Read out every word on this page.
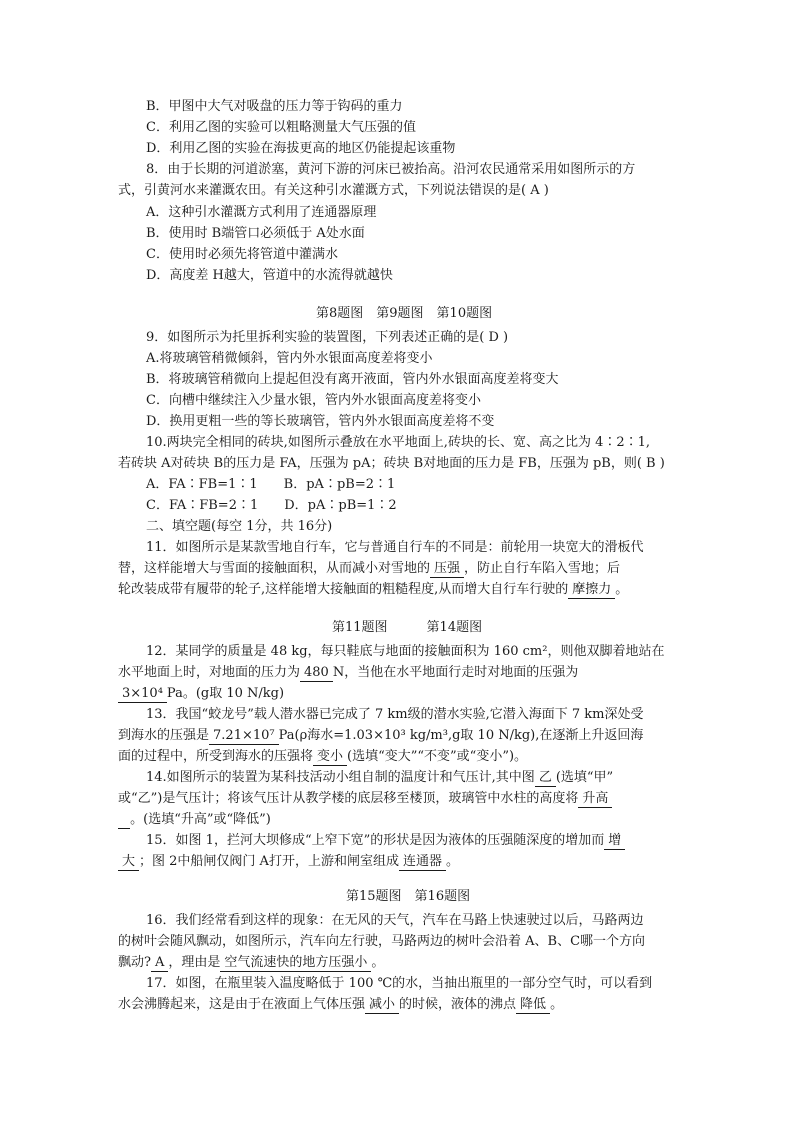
B．甲图中大气对吸盘的压力等于钩码的重力
C．利用乙图的实验可以粗略测量大气压强的值
D．利用乙图的实验在海拔更高的地区仍能提起该重物
8．由于长期的河道淤塞，黄河下游的河床已被抬高。沿河农民通常采用如图所示的方
式，引黄河水来灌溉农田。有关这种引水灌溉方式，下列说法错误的是( A )
A．这种引水灌溉方式利用了连通器原理
B．使用时 B端管口必须低于 A处水面
C．使用时必须先将管道中灌满水
D．高度差 H越大，管道中的水流得就越快
第8题图　第9题图　第10题图
9．如图所示为托里拆利实验的装置图，下列表述正确的是( D )
A.将玻璃管稍微倾斜，管内外水银面高度差将变小
B．将玻璃管稍微向上提起但没有离开液面，管内外水银面高度差将变大
C．向槽中继续注入少量水银，管内外水银面高度差将变小
D．换用更粗一些的等长玻璃管，管内外水银面高度差将不变
10.两块完全相同的砖块,如图所示叠放在水平地面上,砖块的长、宽、高之比为 4∶2∶1,
若砖块 A对砖块 B的压力是 FA，压强为 pA；砖块 B对地面的压力是 FB，压强为 pB，则( B )
A．FA∶FB=1∶1　　B．pA∶pB=2∶1
C．FA∶FB=2∶1　　D．pA∶pB=1∶2
二、填空题(每空 1分，共 16分)
11．如图所示是某款雪地自行车，它与普通自行车的不同是：前轮用一块宽大的滑板代
替，这样能增大与雪面的接触面积，从而减小对雪地的 压强 ，防止自行车陷入雪地；后
轮改装成带有履带的轮子,这样能增大接触面的粗糙程度,从而增大自行车行驶的 摩擦力 。
第11题图　　　第14题图
12．某同学的质量是 48 kg，每只鞋底与地面的接触面积为 160 cm²，则他双脚着地站在
水平地面上时，对地面的压力为 480 N，当他在水平地面行走时对地面的压强为
3×10⁴ Pa。(g取 10 N/kg)
13．我国“蛟龙号”载人潜水器已完成了 7 km级的潜水实验,它潜入海面下 7 km深处受
到海水的压强是 7.21×10⁷ Pa(ρ海水=1.03×10³ kg/m³,g取 10 N/kg),在逐渐上升返回海
面的过程中，所受到海水的压强将 变小 (选填“变大”“不变”或“变小”)。
14.如图所示的装置为某科技活动小组自制的温度计和气压计,其中图 乙 (选填“甲”
或“乙”)是气压计；将该气压计从教学楼的底层移至楼顶，玻璃管中水柱的高度将 升高
。(选填“升高”或“降低”)
15．如图 1，拦河大坝修成“上窄下宽”的形状是因为液体的压强随深度的增加而 增
大 ；图 2中船闸仅阀门 A打开，上游和闸室组成 连通器 。
第15题图　第16题图
16．我们经常看到这样的现象：在无风的天气，汽车在马路上快速驶过以后，马路两边
的树叶会随风飘动，如图所示，汽车向左行驶，马路两边的树叶会沿着 A、B、C哪一个方向
飘动? A ，理由是 空气流速快的地方压强小 。
17．如图，在瓶里装入温度略低于 100 ℃的水，当抽出瓶里的一部分空气时，可以看到
水会沸腾起来，这是由于在液面上气体压强 减小 的时候，液体的沸点 降低 。
